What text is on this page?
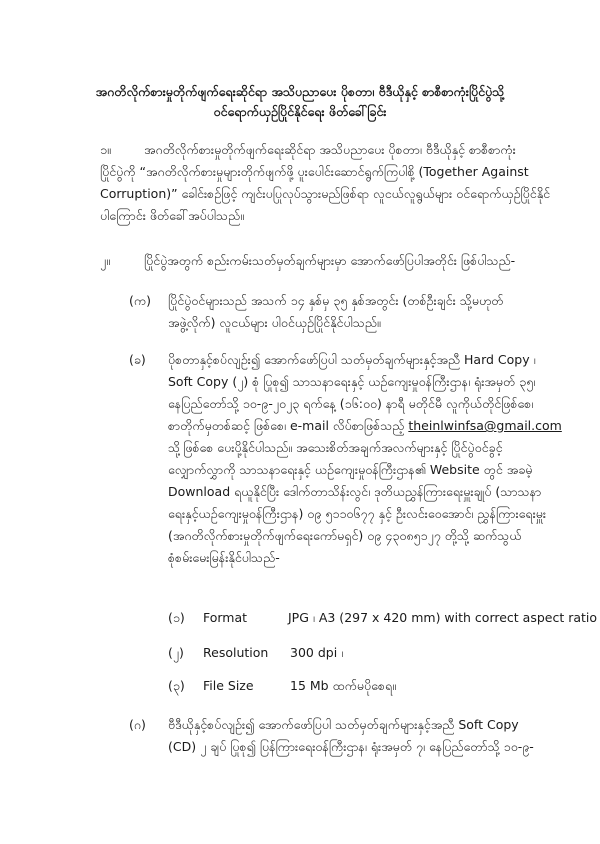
အဂတိလိုက်စားမှုတိုက်ဖျက်ရေးဆိုင်ရာ အသိပညာပေး ပိုစတာ၊ ဗီဒီယိုနှင့် စာစီစာကုံးပြိုင်ပွဲသို့
ဝင်ရောက်ယှဉ်ပြိုင်နိုင်ရေး ဖိတ်ခေါ်ခြင်း
၁။	အဂတိလိုက်စားမှုတိုက်ဖျက်ရေးဆိုင်ရာ အသိပညာပေး ပိုစတာ၊ ဗီဒီယိုနှင့် စာစီစာကုံး
ပြိုင်ပွဲကို “အဂတိလိုက်စားမှုများတိုက်ဖျက်ဖို့ ပူးပေါင်းဆောင်ရွက်ကြပါစို့ (Together Against
Corruption)” ခေါင်းစဉ်ဖြင့် ကျင်းပပြုလုပ်သွားမည်ဖြစ်ရာ လူငယ်လူရွယ်များ ဝင်ရောက်ယှဉ်ပြိုင်နိုင်
ပါကြောင်း ဖိတ်ခေါ်အပ်ပါသည်။
၂။	ပြိုင်ပွဲအတွက် စည်းကမ်းသတ်မှတ်ချက်များမှာ အောက်ဖော်ပြပါအတိုင်း ဖြစ်ပါသည်-
(က) ပြိုင်ပွဲဝင်များသည် အသက် ၁၄ နှစ်မှ ၃၅ နှစ်အတွင်း (တစ်ဦးချင်း သို့မဟုတ်
အဖွဲ့လိုက်) လူငယ်များ ပါဝင်ယှဉ်ပြိုင်နိုင်ပါသည်။
(ခ) ပိုစတာနှင့်စပ်လျဉ်း၍ အောက်ဖော်ပြပါ သတ်မှတ်ချက်များနှင့်အညီ Hard Copy ၊
Soft Copy (၂) စုံ ပြုစု၍ သာသနာရေးနှင့် ယဉ်ကျေးမှုဝန်ကြီးဌာန၊ ရုံးအမှတ် ၃၅၊
နေပြည်တော်သို့ ၁၀-၉-၂၀၂၃ ရက်နေ့ (၁၆:၀၀) နာရီ မတိုင်မီ လူကိုယ်တိုင်ဖြစ်စေ၊
စာတိုက်မှတစ်ဆင့် ဖြစ်စေ၊ e-mail လိပ်စာဖြစ်သည့် theinlwinfsa@gmail.com
သို့ဖြစ်စေ ပေးပို့နိုင်ပါသည်။ အသေးစိတ်အချက်အလက်များနှင့် ပြိုင်ပွဲဝင်ခွင့်
လျှောက်လွှာကို သာသနာရေးနှင့် ယဉ်ကျေးမှုဝန်ကြီးဌာန၏ Website တွင် အခမဲ့
Download ရယူနိုင်ပြီး ဒေါက်တာသိန်းလွင်၊ ဒုတိယညွှန်ကြားရေးမှူးချုပ် (သာသနာ
ရေးနှင့်ယဉ်ကျေးမှုဝန်ကြီးဌာန) ၀၉ ၅၁၁၀၆၇၇ နှင့် ဦးလင်းဝေအောင်၊ ညွှန်ကြားရေးမှူး
(အဂတိလိုက်စားမှုတိုက်ဖျက်ရေးကော်မရှင်) ၀၉ ၄၃၀၈၅၁၂၇ တို့သို့ ဆက်သွယ်
စုံစမ်းမေးမြန်းနိုင်ပါသည်-
(၁) Format	JPG ၊ A3 (297 x 420 mm) with correct aspect ratio
(၂) Resolution 300 dpi ၊
(၃) File Size	15 Mb ထက်မပိုစေရ။
(ဂ) ဗီဒီယိုနှင့်စပ်လျဉ်း၍ အောက်ဖော်ပြပါ သတ်မှတ်ချက်များနှင့်အညီ Soft Copy
(CD) ၂ ချပ် ပြုစု၍ ပြန်ကြားရေးဝန်ကြီးဌာန၊ ရုံးအမှတ် ၇၊ နေပြည်တော်သို့ ၁၀-၉-
